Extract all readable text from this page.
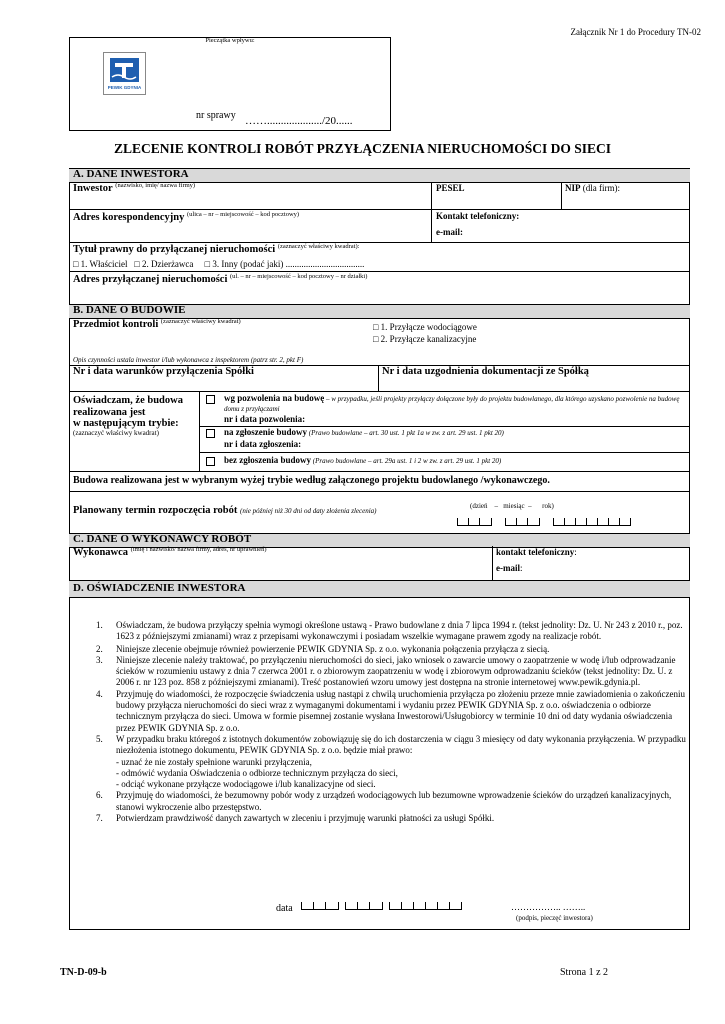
Załącznik Nr 1 do Procedury TN-02
Pieczątka wpływu:
PEWIK GDYNIA
nr sprawy ……..................../20......
ZLECENIE KONTROLI ROBÓT PRZYŁĄCZENIA NIERUCHOMOŚCI DO SIECI
A. DANE INWESTORA
Inwestor $^{(nazwisko, imię/ nazwa firmy)}$	PESEL	NIP (dla firm):
Adres korespondencyjny $^{(ulica - nr - miejscowość - kod pocztowy)}$	Kontakt telefoniczny:
e-mail:
Tytuł prawny do przyłączanej nieruchomości $^{(zaznaczyć właściwy kwadrat):}$
□ 1. Właściciel □ 2. Dzierżawca □ 3. Inny (podać jaki) ...................................
Adres przyłączanej nieruchomości $^{(ul. - nr - miejscowość - kod pocztowy - nr działki)}$
B. DANE O BUDOWIE
Przedmiot kontroli $^{(zaznaczyć właściwy kwadrat)}$
□ 1. Przyłącze wodociągowe
□ 2. Przyłącze kanalizacyjne
Opis czynności ustala inwestor i/lub wykonawca z inspektorem (patrz str. 2, pkt F)
Nr i data warunków przyłączenia Spółki	Nr i data uzgodnienia dokumentacji ze Spółką
Oświadczam, że budowa
realizowana jest
w następującym trybie:
(zaznaczyć właściwy kwadrat)
wg pozwolenia na budowę – w przypadku, jeśli projekty przyłączy dołączone były do projektu budowlanego, dla którego uzyskano pozwolenie na budowę domu z przyłączami
nr i data pozwolenia:
na zgłoszenie budowy (Prawo budowlane – art. 30 ust. 1 pkt 1a w zw. z art. 29 ust. 1 pkt 20)
nr i data zgłoszenia:
bez zgłoszenia budowy (Prawo budowlane – art. 29a ust. 1 i 2 w zw. z art. 29 ust. 1 pkt 20)
Budowa realizowana jest w wybranym wyżej trybie według załączonego projektu budowlanego /wykonawczego.
Planowany termin rozpoczęcia robót (nie później niż 30 dni od daty złożenia zlecenia)
(dzień    –   miesiąc  –      rok)
C. DANE O WYKONAWCY ROBÓT
Wykonawca $^{(imię i nazwisko/ nazwa firmy, adres, nr uprawnień)}$	kontakt telefoniczny:
e-mail:
D. OŚWIADCZENIE INWESTORA
1. Oświadczam, że budowa przyłączy spełnia wymogi określone ustawą - Prawo budowlane z dnia 7 lipca 1994 r. (tekst jednolity: Dz. U. Nr 243 z 2010 r., poz. 1623 z późniejszymi zmianami) wraz z przepisami wykonawczymi i posiadam wszelkie wymagane prawem zgody na realizacje robót.
2. Niniejsze zlecenie obejmuje również powierzenie PEWIK GDYNIA Sp. z o.o. wykonania połączenia przyłącza z siecią.
3. Niniejsze zlecenie należy traktować, po przyłączeniu nieruchomości do sieci, jako wniosek o zawarcie umowy o zaopatrzenie w wodę i/lub odprowadzanie ścieków w rozumieniu ustawy z dnia 7 czerwca 2001 r. o zbiorowym zaopatrzeniu w wodę i zbiorowym odprowadzaniu ścieków (tekst jednolity: Dz. U. z 2006 r. nr 123 poz. 858 z późniejszymi zmianami). Treść postanowień wzoru umowy jest dostępna na stronie internetowej www.pewik.gdynia.pl.
4. Przyjmuję do wiadomości, że rozpoczęcie świadczenia usług nastąpi z chwilą uruchomienia przyłącza po złożeniu przeze mnie zawiadomienia o zakończeniu budowy przyłącza nieruchomości do sieci wraz z wymaganymi dokumentami i wydaniu przez PEWIK GDYNIA Sp. z o.o. oświadczenia o odbiorze technicznym przyłącza do sieci. Umowa w formie pisemnej zostanie wysłana Inwestorowi/Usługobiorcy w terminie 10 dni od daty wydania oświadczenia przez PEWIK GDYNIA Sp. z o.o.
5. W przypadku braku któregoś z istotnych dokumentów zobowiązuję się do ich dostarczenia w ciągu 3 miesięcy od daty wykonania przyłączenia. W przypadku niezłożenia istotnego dokumentu, PEWIK GDYNIA Sp. z o.o. będzie miał prawo:
- uznać że nie zostały spełnione warunki przyłączenia,
- odmówić wydania Oświadczenia o odbiorze technicznym przyłącza do sieci,
- odciąć wykonane przyłącze wodociągowe i/lub kanalizacyjne od sieci.
6. Przyjmuję do wiadomości, że bezumowny pobór wody z urządzeń wodociągowych lub bezumowne wprowadzenie ścieków do urządzeń kanalizacyjnych, stanowi wykroczenie albo przestępstwo.
7. Potwierdzam prawdziwość danych zawartych w zleceniu i przyjmuję warunki płatności za usługi Spółki.
data	…………….. ……..
(podpis, pieczęć inwestora)
TN-D-09-b	Strona 1 z 2
